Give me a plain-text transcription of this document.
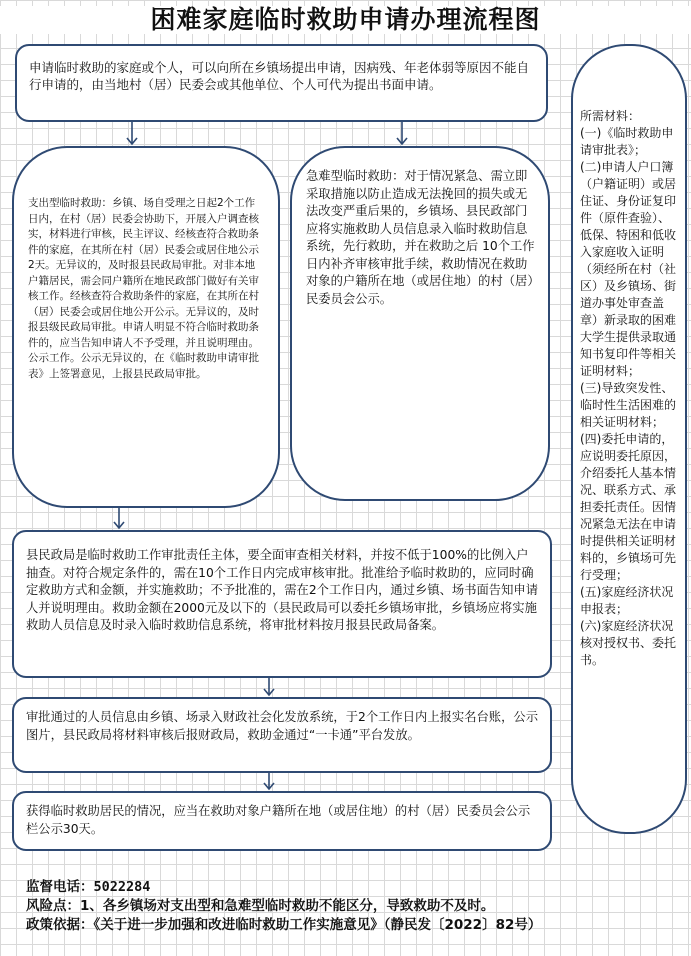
困难家庭临时救助申请办理流程图
申请临时救助的家庭或个人，可以向所在乡镇场提出申请，因病残、年老体弱等原因不能自行申请的，由当地村（居）民委会或其他单位、个人可代为提出书面申请。
支出型临时救助：乡镇、场自受理之日起2个工作日内，在村（居）民委会协助下，开展入户调查核实，材料进行审核，民主评议、经核查符合救助条件的家庭，在其所在村（居）民委会或居住地公示2天。无异议的，及时报县民政局审批。对非本地户籍居民，需会同户籍所在地民政部门做好有关审核工作。经核查符合救助条件的家庭，在其所在村（居）民委会或居住地公开公示。无异议的，及时报县级民政局审批。申请人明显不符合临时救助条件的，应当告知申请人不予受理，并且说明理由。
公示工作。公示无异议的，在《临时救助申请审批表》上签署意见，上报县民政局审批。
急难型临时救助：对于情况紧急、需立即采取措施以防止造成无法挽回的损失或无法改变严重后果的，乡镇场、县民政部门应将实施救助人员信息录入临时救助信息系统，先行救助，并在救助之后 10个工作日内补齐审核审批手续，救助情况在救助对象的户籍所在地（或居住地）的村（居）民委员会公示。
县民政局是临时救助工作审批责任主体，要全面审查相关材料，并按不低于100%的比例入户抽查。对符合规定条件的，需在10个工作日内完成审核审批。批准给予临时救助的，应同时确定救助方式和金额，并实施救助；不予批准的，需在2个工作日内，通过乡镇、场书面告知申请人并说明理由。救助金额在2000元及以下的（县民政局可以委托乡镇场审批，乡镇场应将实施救助人员信息及时录入临时救助信息系统，将审批材料按月报县民政局备案。
审批通过的人员信息由乡镇、场录入财政社会化发放系统，于2个工作日内上报实名台账，公示图片，县民政局将材料审核后报财政局，救助金通过“一卡通”平台发放。
获得临时救助居民的情况，应当在救助对象户籍所在地（或居住地）的村（居）民委员会公示栏公示30天。
所需材料：
(一)《临时救助申请审批表》；
(二)申请人户口簿（户籍证明）或居住证、身份证复印件（原件查验）、低保、特困和低收入家庭收入证明（须经所在村（社区）及乡镇场、街道办事处审查盖章）新录取的困难大学生提供录取通知书复印件等相关证明材料；
(三)导致突发性、临时性生活困难的相关证明材料；
(四)委托申请的，应说明委托原因，介绍委托人基本情况、联系方式、承担委托责任。因情况紧急无法在申请时提供相关证明材料的，乡镇场可先行受理；
(五)家庭经济状况申报表；
(六)家庭经济状况核对授权书、委托书。
监督电话：5022284
风险点：1、各乡镇场对支出型和急难型临时救助不能区分，导致救助不及时。
政策依据：《关于进一步加强和改进临时救助工作实施意见》（静民发〔2022〕82号）
